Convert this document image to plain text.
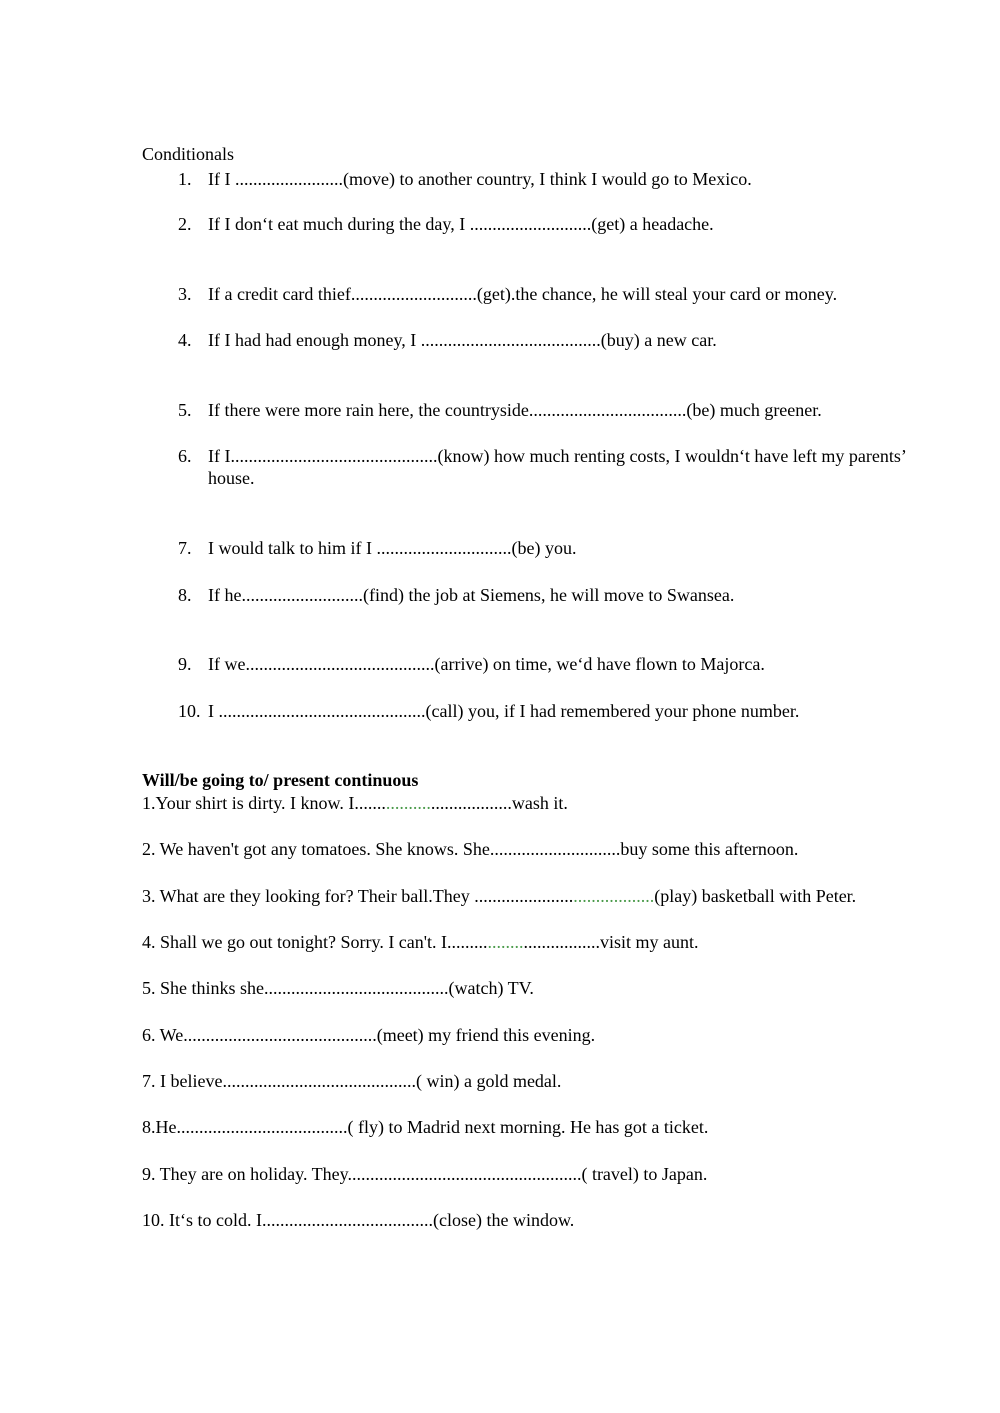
Conditionals
1. If I ........................(move) to another country, I think I would go to Mexico.
2. If I don‘t eat much during the day, I ...........................(get) a headache.
3. If a credit card thief............................(get).the chance, he will steal your card or money.
4. If I had had enough money, I ........................................(buy) a new car.
5. If there were more rain here, the countryside...................................(be) much greener.
6. If I..............................................(know) how much renting costs, I wouldn‘t have left my parents’ house.
7. I would talk to him if I ..............................(be) you.
8. If he...........................(find) the job at Siemens, he will move to Swansea.
9. If we..........................................(arrive) on time, we‘d have flown to Majorca.
10. I ..............................................(call) you, if I had remembered your phone number.
Will/be going to/ present continuous
1.Your shirt is dirty. I know. I...................................wash it.
2. We haven't got any tomatoes. She knows. She.............................buy some this afternoon.
3. What are they looking for? Their ball.They ........................................(play) basketball with Peter.
4. Shall we go out tonight? Sorry. I can't. I..................................visit my aunt.
5. She thinks she.........................................(watch) TV.
6. We...........................................(meet) my friend this evening.
7. I believe...........................................( win) a gold medal.
8.He......................................( fly) to Madrid next morning. He has got a ticket.
9. They are on holiday. They....................................................( travel) to Japan.
10. It‘s to cold. I......................................(close) the window.
